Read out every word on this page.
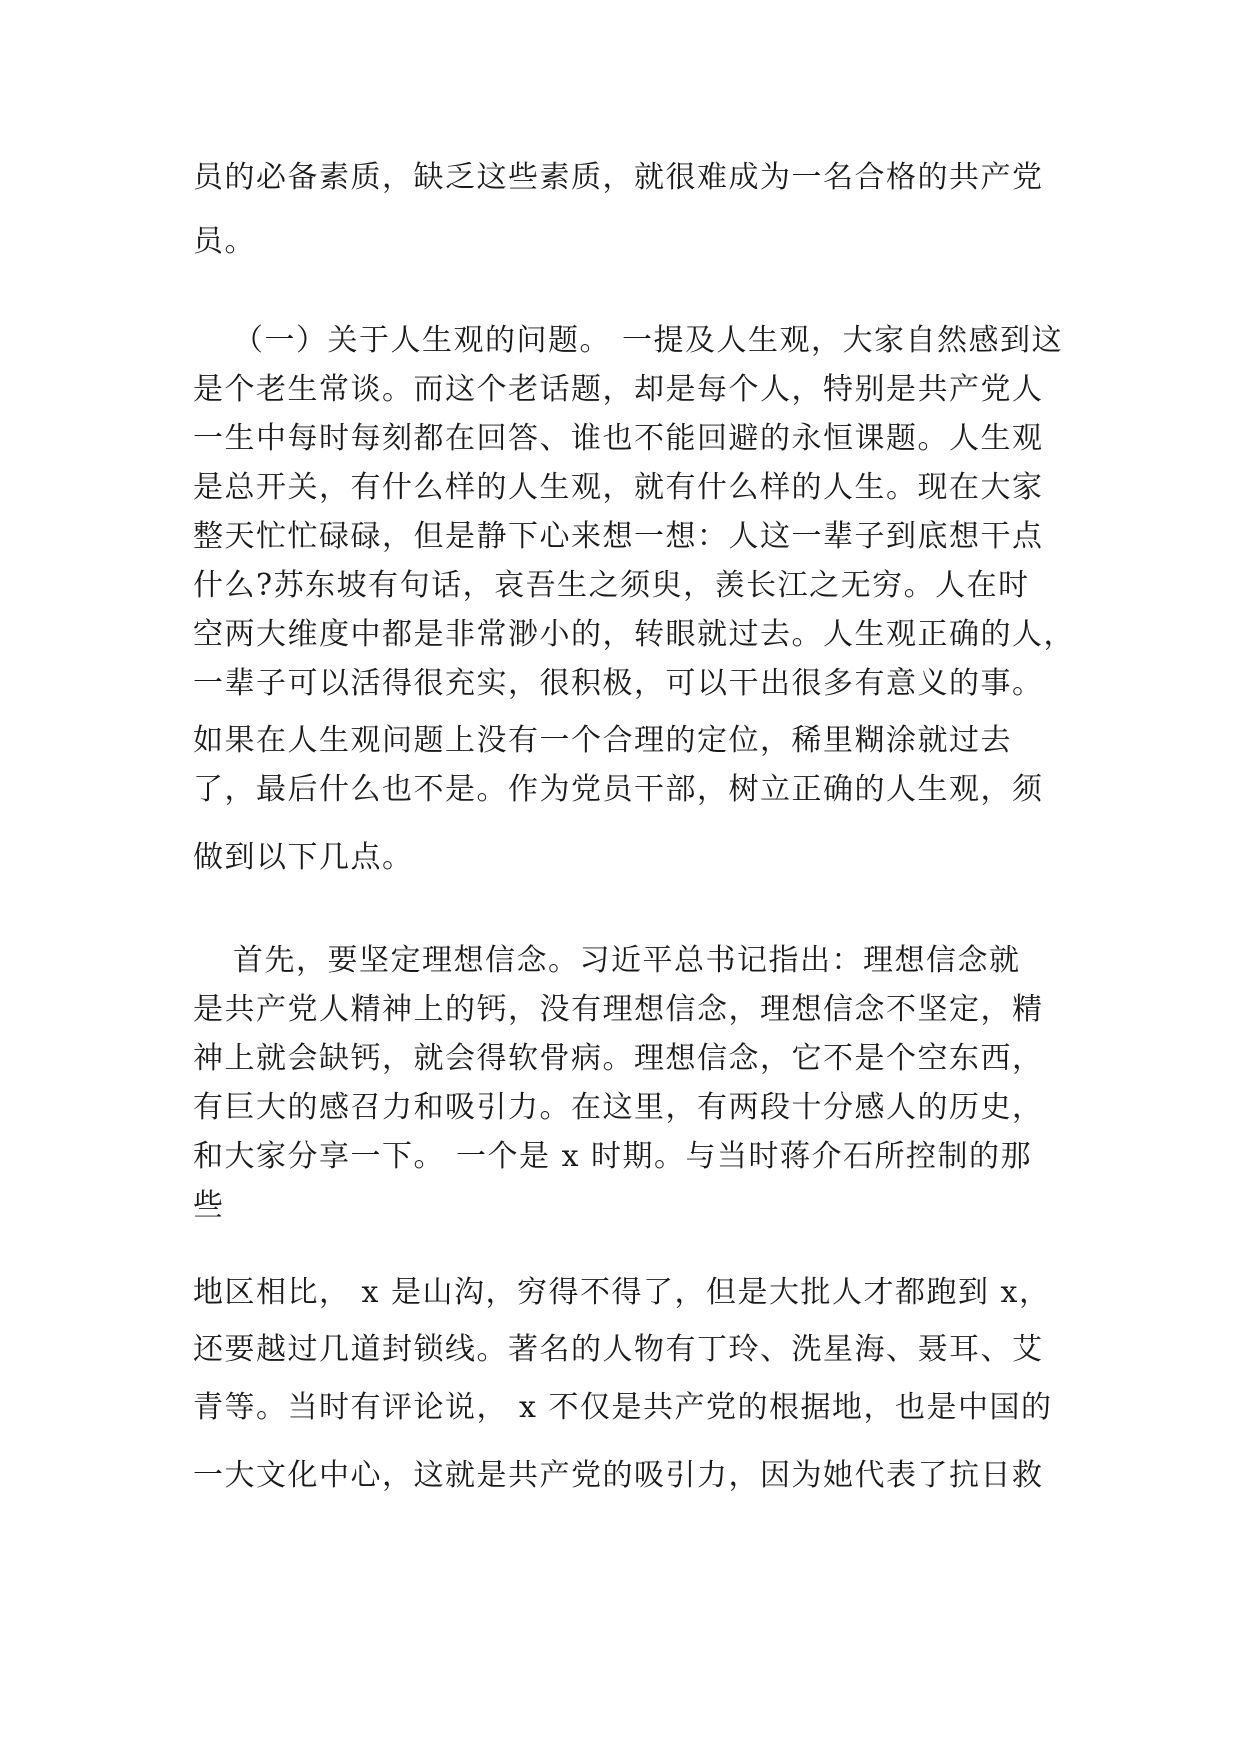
员的必备素质，缺乏这些素质，就很难成为一名合格的共产党
员。
（一）关于人生观的问题。 一提及人生观，大家自然感到这
是个老生常谈。而这个老话题，却是每个人，特别是共产党人
一生中每时每刻都在回答、谁也不能回避的永恒课题。人生观
是总开关，有什么样的人生观，就有什么样的人生。现在大家
整天忙忙碌碌，但是静下心来想一想：人这一辈子到底想干点
什么?苏东坡有句话，哀吾生之须臾，羡长江之无穷。人在时
空两大维度中都是非常渺小的，转眼就过去。人生观正确的人，
一辈子可以活得很充实，很积极，可以干出很多有意义的事。
如果在人生观问题上没有一个合理的定位，稀里糊涂就过去
了，最后什么也不是。作为党员干部，树立正确的人生观，须
做到以下几点。
首先，要坚定理想信念。习近平总书记指出：理想信念就
是共产党人精神上的钙，没有理想信念，理想信念不坚定，精
神上就会缺钙，就会得软骨病。理想信念，它不是个空东西，
有巨大的感召力和吸引力。在这里，有两段十分感人的历史，
和大家分享一下。 一个是 x 时期。与当时蒋介石所控制的那
些
地区相比， x 是山沟，穷得不得了，但是大批人才都跑到 x，
还要越过几道封锁线。著名的人物有丁玲、洗星海、聂耳、艾
青等。当时有评论说， x 不仅是共产党的根据地，也是中国的
一大文化中心，这就是共产党的吸引力，因为她代表了抗日救
